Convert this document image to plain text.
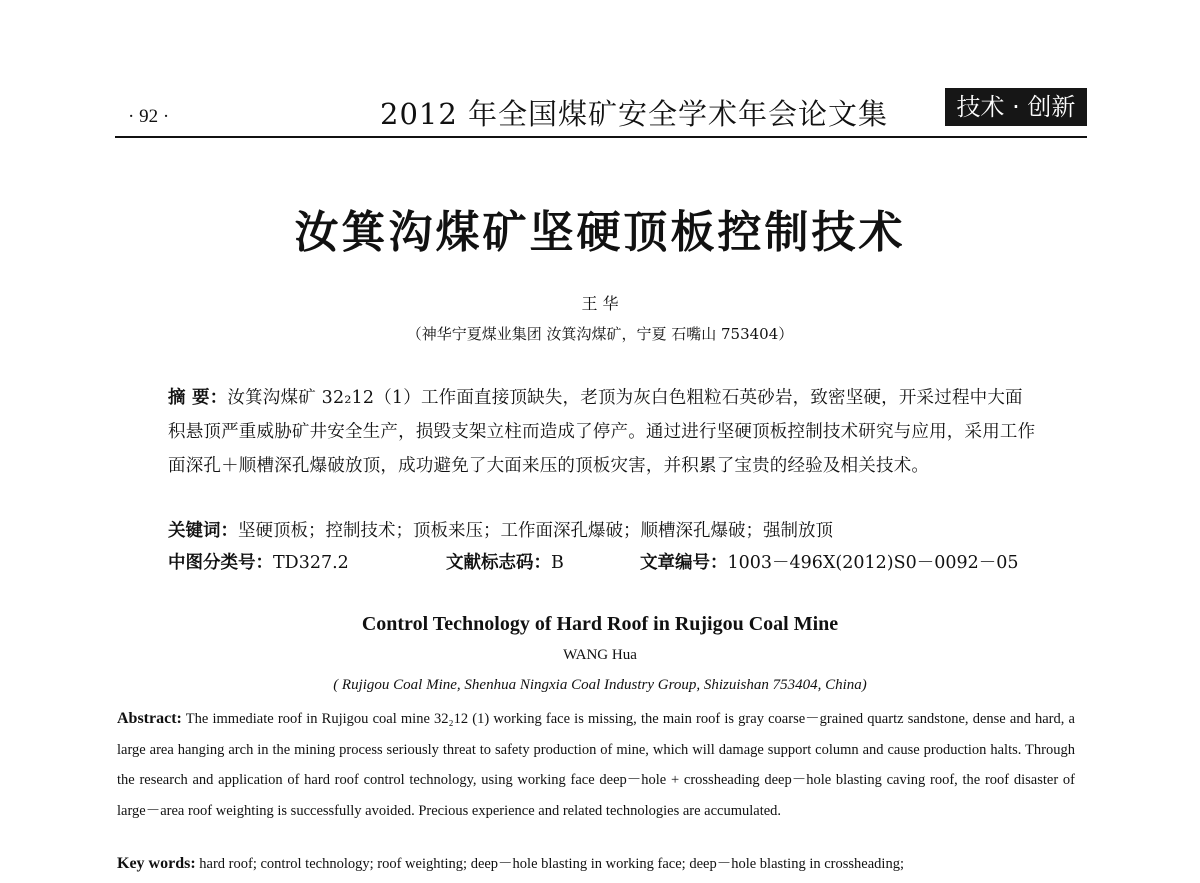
· 92 ·	2012 年全国煤矿安全学术年会论文集	技术 · 创新
汝箕沟煤矿坚硬顶板控制技术
王 华
（神华宁夏煤业集团 汝箕沟煤矿，宁夏 石嘴山 753404）
摘 要：汝箕沟煤矿 32₂12（1）工作面直接顶缺失，老顶为灰白色粗粒石英砂岩，致密坚硬，开采过程中大面积悬顶严重威胁矿井安全生产，损毁支架立柱而造成了停产。通过进行坚硬顶板控制技术研究与应用，采用工作面深孔＋顺槽深孔爆破放顶，成功避免了大面来压的顶板灾害，并积累了宝贵的经验及相关技术。
关键词：坚硬顶板；控制技术；顶板来压；工作面深孔爆破；顺槽深孔爆破；强制放顶
中图分类号：TD327.2	文献标志码：B	文章编号：1003－496X(2012)S0－0092－05
Control Technology of Hard Roof in Rujigou Coal Mine
WANG Hua
( Rujigou Coal Mine, Shenhua Ningxia Coal Industry Group, Shizuishan 753404, China)
Abstract: The immediate roof in Rujigou coal mine 32₂12 (1) working face is missing, the main roof is gray coarse－grained quartz sandstone, dense and hard, a large area hanging arch in the mining process seriously threat to safety production of mine, which will damage support column and cause production halts. Through the research and application of hard roof control technology, using working face deep－hole + crossheading deep－hole blasting caving roof, the roof disaster of large－area roof weighting is successfully avoided. Precious experience and related technologies are accumulated.
Key words: hard roof; control technology; roof weighting; deep－hole blasting in working face; deep－hole blasting in crossheading;
